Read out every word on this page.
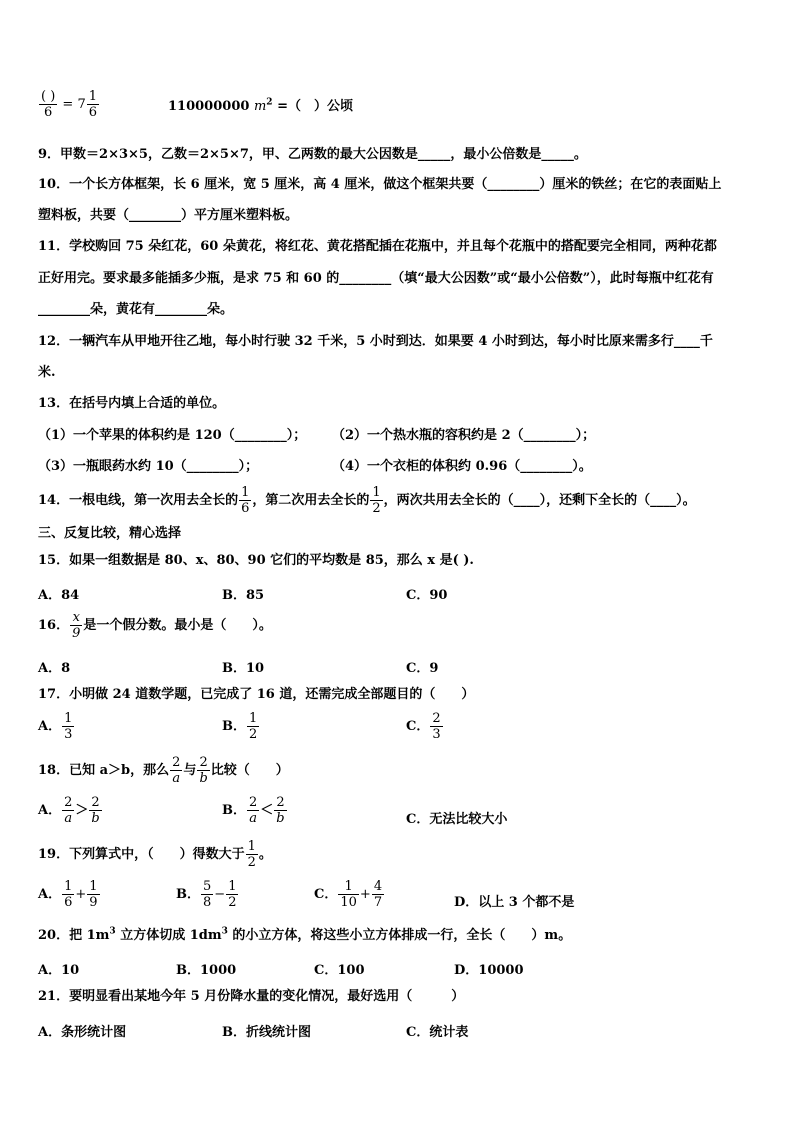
$\frac{( )}{6} = 7 \frac{1}{6}$	110000000 $m^2$ =（　）公顷
9．甲数＝2×3×5，乙数＝2×5×7，甲、乙两数的最大公因数是_____，最小公倍数是_____。
10．一个长方体框架，长 6 厘米，宽 5 厘米，高 4 厘米，做这个框架共要（________）厘米的铁丝；在它的表面贴上
塑料板，共要（________）平方厘米塑料板。
11．学校购回 75 朵红花，60 朵黄花，将红花、黄花搭配插在花瓶中，并且每个花瓶中的搭配要完全相同，两种花都
正好用完。要求最多能插多少瓶，是求 75 和 60 的________（填“最大公因数”或“最小公倍数”），此时每瓶中红花有
________朵，黄花有________朵。
12．一辆汽车从甲地开往乙地，每小时行驶 32 千米，5 小时到达．如果要 4 小时到达，每小时比原来需多行____千
米.
13．在括号内填上合适的单位。
（1）一个苹果的体积约是 120（________）； （2）一个热水瓶的容积约是 2（________）；
（3）一瓶眼药水约 10（________）；	（4）一个衣柜的体积约 0.96（________）。
14．一根电线，第一次用去全长的 $\frac{1}{6}$ ，第二次用去全长的 $\frac{1}{2}$ ，两次共用去全长的（____），还剩下全长的（____）。
三、反复比较，精心选择
15．如果一组数据是 80、x、80、90 它们的平均数是 85，那么 x 是( ).
A．84	B．85	C．90
16． $\frac{x}{9}$ 是一个假分数。最小是（　　）。
A．8	B．10	C．9
17．小明做 24 道数学题，已完成了 16 道，还需完成全部题目的（　　）
A． $\frac{1}{3}$	B． $\frac{1}{2}$	C． $\frac{2}{3}$
18．已知 a＞b，那么 $\frac{2}{a}$ 与 $\frac{2}{b}$ 比较（　　）
A． $\frac{2}{a} > \frac{2}{b}$	B． $\frac{2}{a} < \frac{2}{b}$	C．无法比较大小
19．下列算式中，（　　）得数大于 $\frac{1}{2}$ 。
A． $\frac{1}{6} + \frac{1}{9}$	B． $\frac{5}{8} - \frac{1}{2}$	C． $\frac{1}{10} + \frac{4}{7}$	D．以上 3 个都不是
20．把 $1m^3$ 立方体切成 $1dm^3$ 的小立方体，将这些小立方体排成一行，全长（　　）m。
A．10	B．1000	C．100	D．10000
21．要明显看出某地今年 5 月份降水量的变化情况，最好选用（　　　）
A．条形统计图	B．折线统计图	C．统计表
